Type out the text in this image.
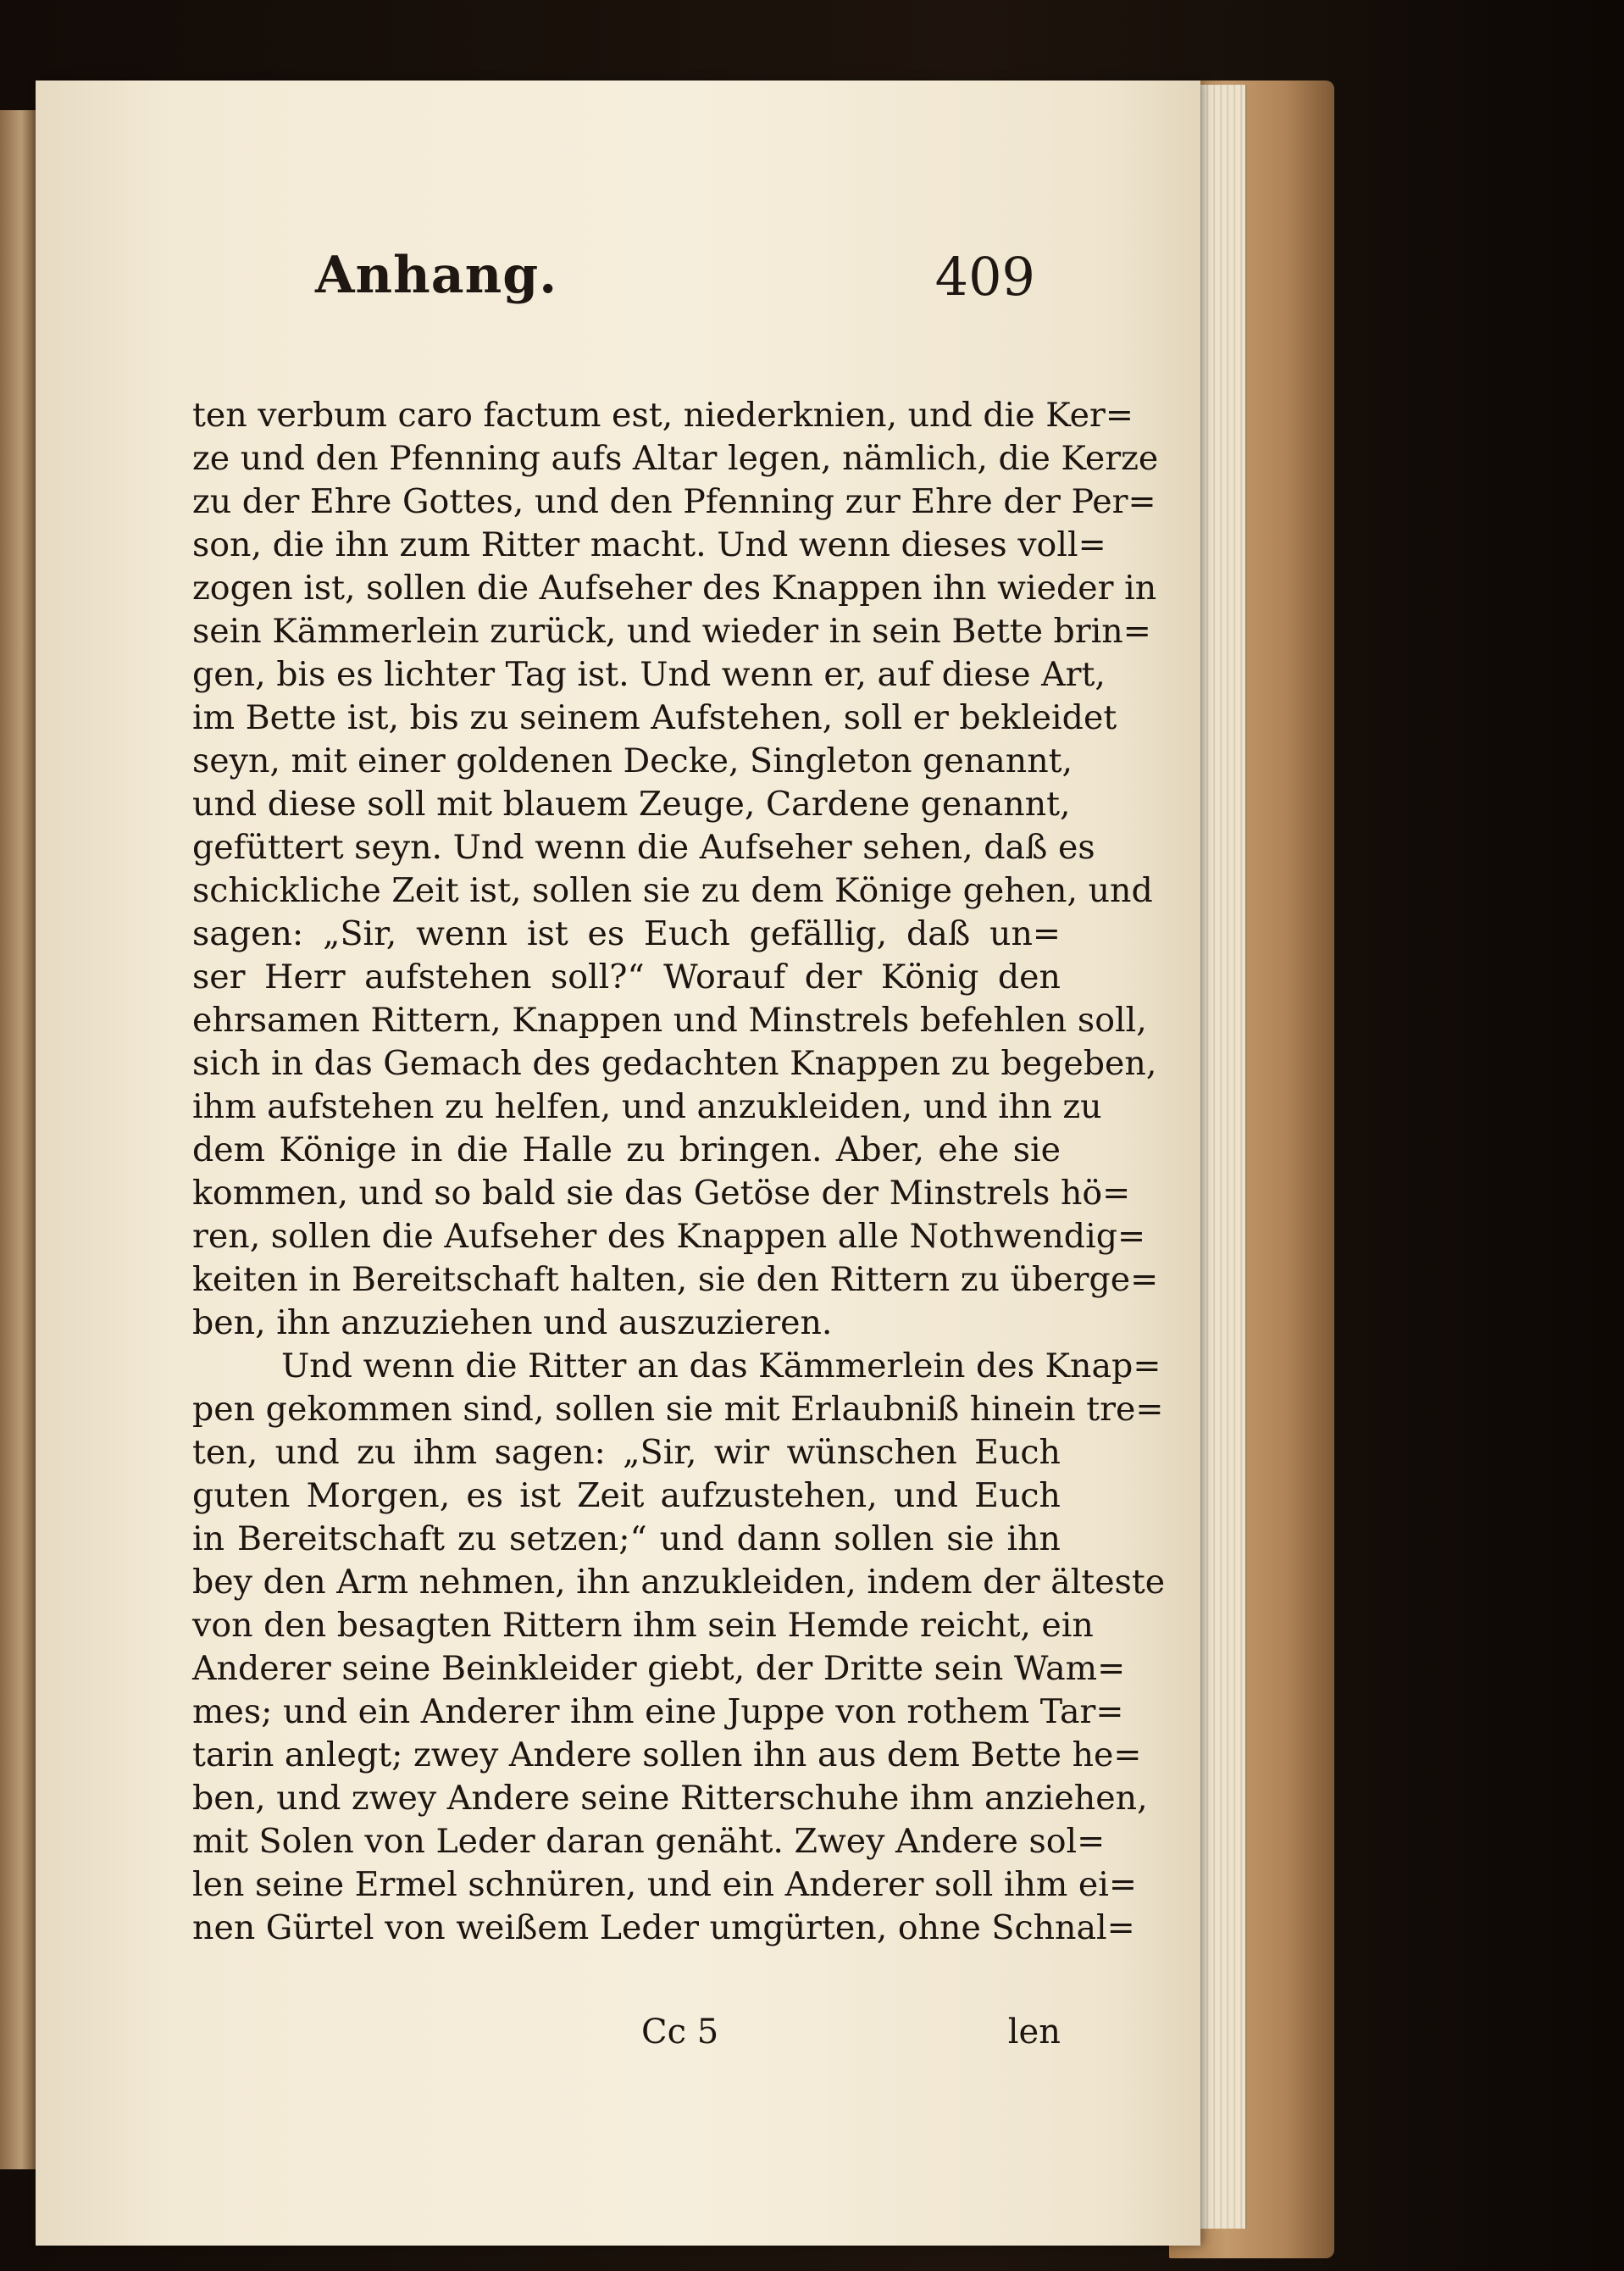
Anhang.	409
ten verbum caro factum est, niederknien, und die Ker=
ze und den Pfenning aufs Altar legen, nämlich, die Kerze
zu der Ehre Gottes, und den Pfenning zur Ehre der Per=
son, die ihn zum Ritter macht. Und wenn dieses voll=
zogen ist, sollen die Aufseher des Knappen ihn wieder in
sein Kämmerlein zurück, und wieder in sein Bette brin=
gen, bis es lichter Tag ist. Und wenn er, auf diese Art,
im Bette ist, bis zu seinem Aufstehen, soll er bekleidet
seyn, mit einer goldenen Decke, Singleton genannt,
und diese soll mit blauem Zeuge, Cardene genannt,
gefüttert seyn. Und wenn die Aufseher sehen, daß es
schickliche Zeit ist, sollen sie zu dem Könige gehen, und
sagen: „Sir, wenn ist es Euch gefällig, daß un=
ser Herr aufstehen soll?“ Worauf der König den
ehrsamen Rittern, Knappen und Minstrels befehlen soll,
sich in das Gemach des gedachten Knappen zu begeben,
ihm aufstehen zu helfen, und anzukleiden, und ihn zu
dem Könige in die Halle zu bringen. Aber, ehe sie
kommen, und so bald sie das Getöse der Minstrels hö=
ren, sollen die Aufseher des Knappen alle Nothwendig=
keiten in Bereitschaft halten, sie den Rittern zu überge=
ben, ihn anzuziehen und auszuzieren.
Und wenn die Ritter an das Kämmerlein des Knap=
pen gekommen sind, sollen sie mit Erlaubniß hinein tre=
ten, und zu ihm sagen: „Sir, wir wünschen Euch
guten Morgen, es ist Zeit aufzustehen, und Euch
in Bereitschaft zu setzen;“ und dann sollen sie ihn
bey den Arm nehmen, ihn anzukleiden, indem der älteste
von den besagten Rittern ihm sein Hemde reicht, ein
Anderer seine Beinkleider giebt, der Dritte sein Wam=
mes; und ein Anderer ihm eine Juppe von rothem Tar=
tarin anlegt; zwey Andere sollen ihn aus dem Bette he=
ben, und zwey Andere seine Ritterschuhe ihm anziehen,
mit Solen von Leder daran genäht. Zwey Andere sol=
len seine Ermel schnüren, und ein Anderer soll ihm ei=
nen Gürtel von weißem Leder umgürten, ohne Schnal=
Cc 5	len
